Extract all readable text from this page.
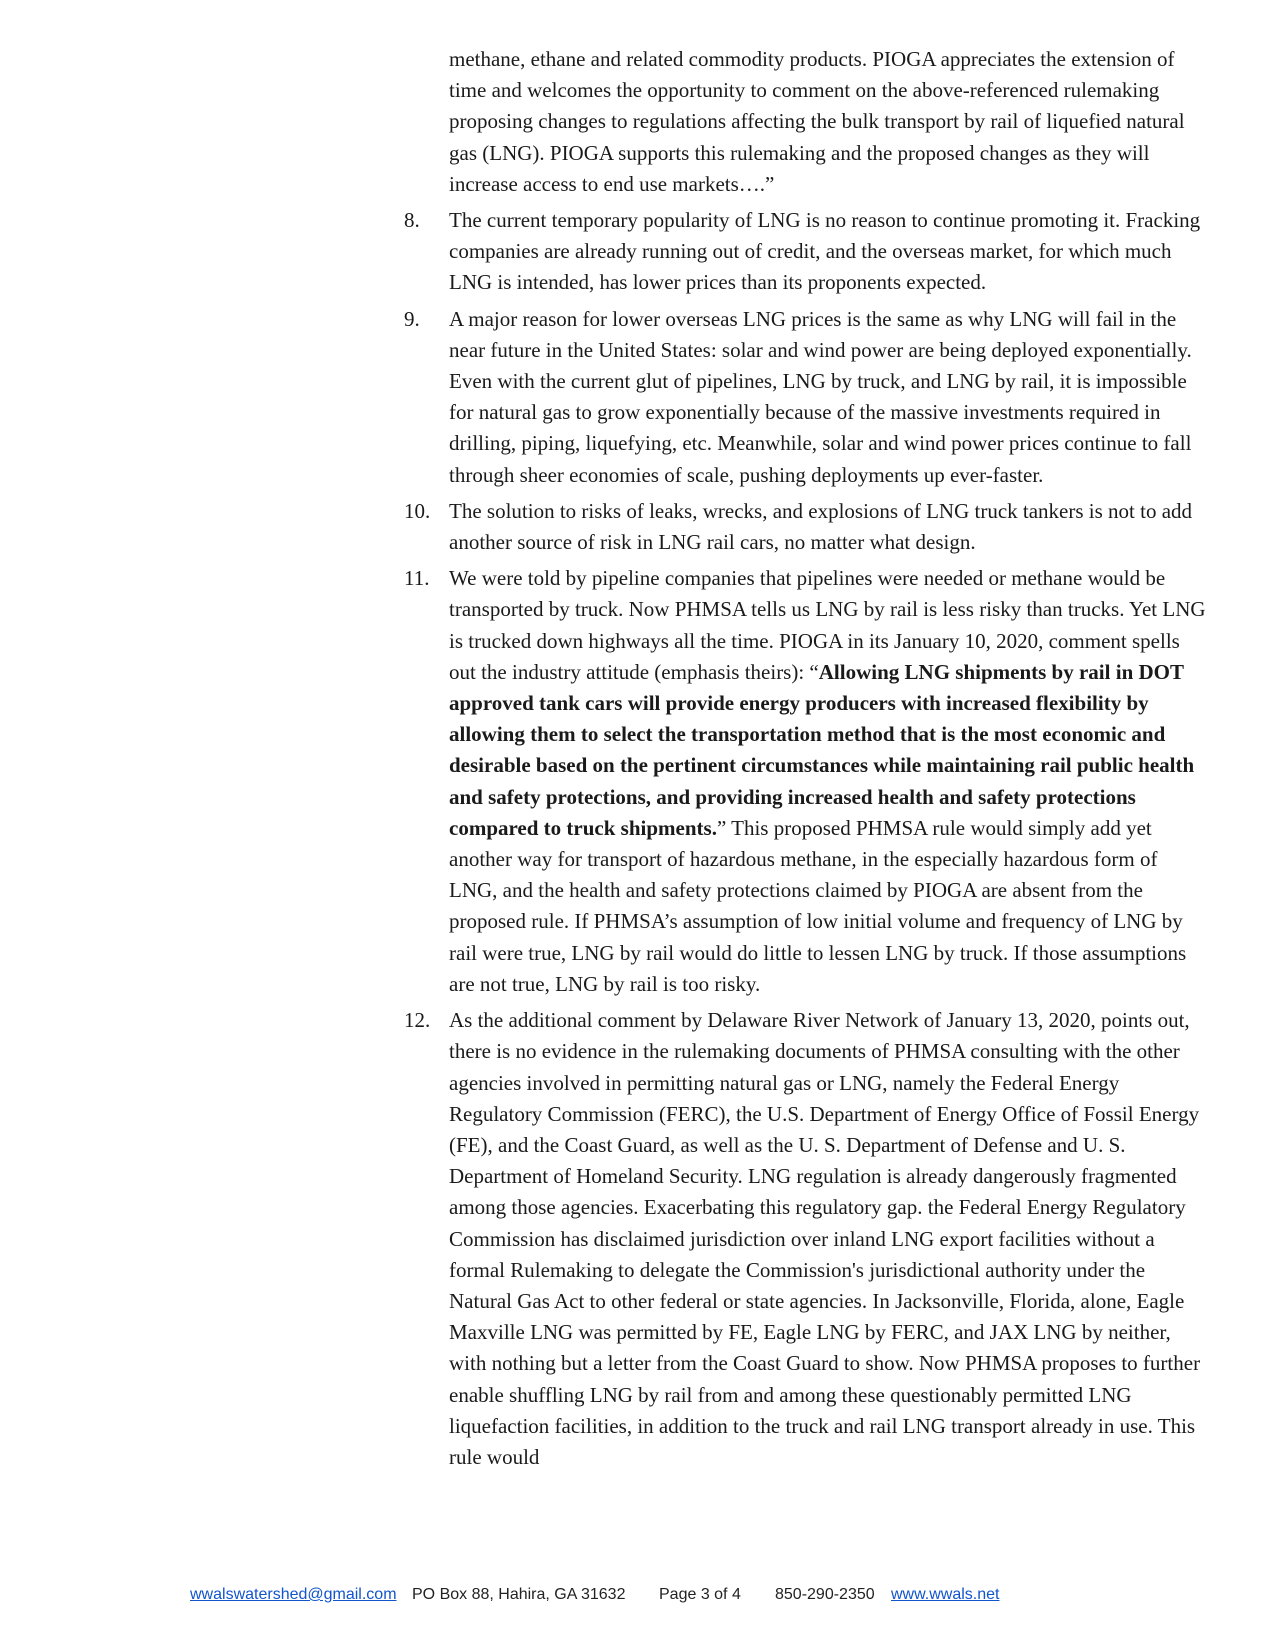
methane, ethane and related commodity products. PIOGA appreciates the extension of time and welcomes the opportunity to comment on the above-referenced rulemaking proposing changes to regulations affecting the bulk transport by rail of liquefied natural gas (LNG). PIOGA supports this rulemaking and the proposed changes as they will increase access to end use markets….”

8.	The current temporary popularity of LNG is no reason to continue promoting it. Fracking companies are already running out of credit, and the overseas market, for which much LNG is intended, has lower prices than its proponents expected.
9.	A major reason for lower overseas LNG prices is the same as why LNG will fail in the near future in the United States: solar and wind power are being deployed exponentially. Even with the current glut of pipelines, LNG by truck, and LNG by rail, it is impossible for natural gas to grow exponentially because of the massive investments required in drilling, piping, liquefying, etc. Meanwhile, solar and wind power prices continue to fall through sheer economies of scale, pushing deployments up ever-faster.
10. The solution to risks of leaks, wrecks, and explosions of LNG truck tankers is not to add another source of risk in LNG rail cars, no matter what design.
11. We were told by pipeline companies that pipelines were needed or methane would be transported by truck. Now PHMSA tells us LNG by rail is less risky than trucks. Yet LNG is trucked down highways all the time. PIOGA in its January 10, 2020, comment spells out the industry attitude (emphasis theirs): “Allowing LNG shipments by rail in DOT approved tank cars will provide energy producers with increased flexibility by allowing them to select the transportation method that is the most economic and desirable based on the pertinent circumstances while maintaining rail public health and safety protections, and providing increased health and safety protections compared to truck shipments.” This proposed PHMSA rule would simply add yet another way for transport of hazardous methane, in the especially hazardous form of LNG, and the health and safety protections claimed by PIOGA are absent from the proposed rule. If PHMSA’s assumption of low initial volume and frequency of LNG by rail were true, LNG by rail would do little to lessen LNG by truck. If those assumptions are not true, LNG by rail is too risky.
12. As the additional comment by Delaware River Network of January 13, 2020, points out, there is no evidence in the rulemaking documents of PHMSA consulting with the other agencies involved in permitting natural gas or LNG, namely the Federal Energy Regulatory Commission (FERC), the U.S. Department of Energy Office of Fossil Energy (FE), and the Coast Guard, as well as the U. S. Department of Defense and U. S. Department of Homeland Security. LNG regulation is already dangerously fragmented among those agencies. Exacerbating this regulatory gap. the Federal Energy Regulatory Commission has disclaimed jurisdiction over inland LNG export facilities without a formal Rulemaking to delegate the Commission's jurisdictional authority under the Natural Gas Act to other federal or state agencies. In Jacksonville, Florida, alone, Eagle Maxville LNG was permitted by FE, Eagle LNG by FERC, and JAX LNG by neither, with nothing but a letter from the Coast Guard to show. Now PHMSA proposes to further enable shuffling LNG by rail from and among these questionably permitted LNG liquefaction facilities, in addition to the truck and rail LNG transport already in use. This rule would
wwalswatershed@gmail.com PO Box 88, Hahira, GA 31632 Page 3 of 4 850-290-2350 www.wwals.net
